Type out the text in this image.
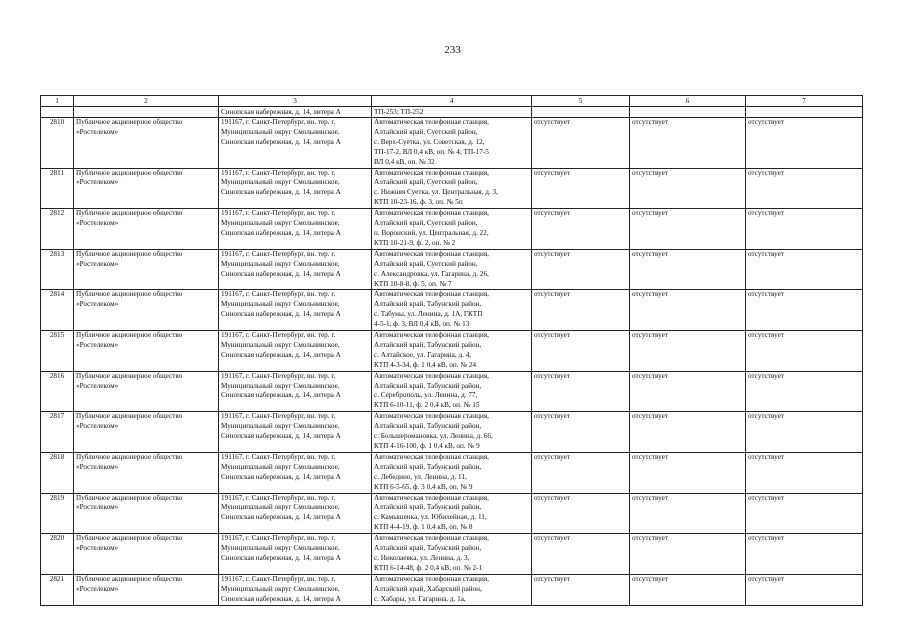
233
1	2	3	4	5	6	7
		Синопская набережная, д. 14, литера А	ТП-253; ТП-252			
2810	Публичное акционерное общество
«Ростелеком»	191167, г. Санкт-Петербург, вн. тер. г.
Муниципальный округ Смольнинское,
Синопская набережная, д. 14, литера А	Автоматическая телефонная станция,
Алтайский край, Суетский район,
с. Верх-Суетка, ул. Советская, д. 12,
ТП-17-2, ВЛ 0,4 кВ, оп. № 4; ТП-17-5
ВЛ 0,4 кВ, оп. № 32	отсутствует	отсутствует	отсутствует
2811	Публичное акционерное общество
«Ростелеком»	191167, г. Санкт-Петербург, вн. тер. г.
Муниципальный округ Смольнинское,
Синопская набережная, д. 14, литера А	Автоматическая телефонная станция,
Алтайский край, Суетский район,
с. Нижняя Суетка, ул. Центральная, д. 3,
КТП 10-23-16, ф. 3, оп. № 5п	отсутствует	отсутствует	отсутствует
2812	Публичное акционерное общество
«Ростелеком»	191167, г. Санкт-Петербург, вн. тер. г.
Муниципальный округ Смольнинское,
Синопская набережная, д. 14, литера А	Автоматическая телефонная станция,
Алтайский край, Суетский район,
п. Воронский, ул. Центральная, д. 22,
КТП 10-21-9, ф. 2, оп. № 2	отсутствует	отсутствует	отсутствует
2813	Публичное акционерное общество
«Ростелеком»	191167, г. Санкт-Петербург, вн. тер. г.
Муниципальный округ Смольнинское,
Синопская набережная, д. 14, литера А	Автоматическая телефонная станция,
Алтайский край, Суетский район,
с. Александровка, ул. Гагарина, д. 26,
КТП 10-8-8, ф. 5, оп. № 7	отсутствует	отсутствует	отсутствует
2814	Публичное акционерное общество
«Ростелеком»	191167, г. Санкт-Петербург, вн. тер. г.
Муниципальный округ Смольнинское,
Синопская набережная, д. 14, литера А	Автоматическая телефонная станция,
Алтайский край, Табунский район,
с. Табуны, ул. Ленина, д. 1А, ГКТП
4-5-1, ф. 3, ВЛ 0,4 кВ, оп. № 13	отсутствует	отсутствует	отсутствует
2815	Публичное акционерное общество
«Ростелеком»	191167, г. Санкт-Петербург, вн. тер. г.
Муниципальный округ Смольнинское,
Синопская набережная, д. 14, литера А	Автоматическая телефонная станция,
Алтайский край, Табунский район,
с. Алтайское, ул. Гагарина, д. 4,
КТП 4-3-34, ф. 1 0,4 кВ, оп. № 24	отсутствует	отсутствует	отсутствует
2816	Публичное акционерное общество
«Ростелеком»	191167, г. Санкт-Петербург, вн. тер. г.
Муниципальный округ Смольнинское,
Синопская набережная, д. 14, литера А	Автоматическая телефонная станция,
Алтайский край, Табунский район,
с. Сереброполь, ул. Ленина, д. 77,
КТП 6-10-11, ф. 2 0,4 кВ, оп. № 15	отсутствует	отсутствует	отсутствует
2817	Публичное акционерное общество
«Ростелеком»	191167, г. Санкт-Петербург, вн. тер. г.
Муниципальный округ Смольнинское,
Синопская набережная, д. 14, литера А	Автоматическая телефонная станция,
Алтайский край, Табунский район,
с. Большеромановка, ул. Ленина, д. 66,
КТП 4-16-100, ф. 1 0,4 кВ, оп. № 9	отсутствует	отсутствует	отсутствует
2818	Публичное акционерное общество
«Ростелеком»	191167, г. Санкт-Петербург, вн. тер. г.
Муниципальный округ Смольнинское,
Синопская набережная, д. 14, литера А	Автоматическая телефонная станция,
Алтайский край, Табунский район,
с. Лебедино, ул. Ленина, д. 11,
КТП 6-5-65, ф. 3 0,4 кВ, оп. № 9	отсутствует	отсутствует	отсутствует
2819	Публичное акционерное общество
«Ростелеком»	191167, г. Санкт-Петербург, вн. тер. г.
Муниципальный округ Смольнинское,
Синопская набережная, д. 14, литера А	Автоматическая телефонная станция,
Алтайский край, Табунский район,
с. Камышенка, ул. Юбилейная, д. 11,
КТП 4-4-19, ф. 1 0,4 кВ, оп. № 8	отсутствует	отсутствует	отсутствует
2820	Публичное акционерное общество
«Ростелеком»	191167, г. Санкт-Петербург, вн. тер. г.
Муниципальный округ Смольнинское,
Синопская набережная, д. 14, литера А	Автоматическая телефонная станция,
Алтайский край, Табунский район,
с. Николаевка, ул. Ленина, д. 3,
КТП 6-14-48, ф. 2 0,4 кВ, оп. № 2-1	отсутствует	отсутствует	отсутствует
2821	Публичное акционерное общество
«Ростелеком»	191167, г. Санкт-Петербург, вн. тер. г.
Муниципальный округ Смольнинское,
Синопская набережная, д. 14, литера А	Автоматическая телефонная станция,
Алтайский край, Хабарский район,
с. Хабары, ул. Гагарина, д. 1а,	отсутствует	отсутствует	отсутствует
